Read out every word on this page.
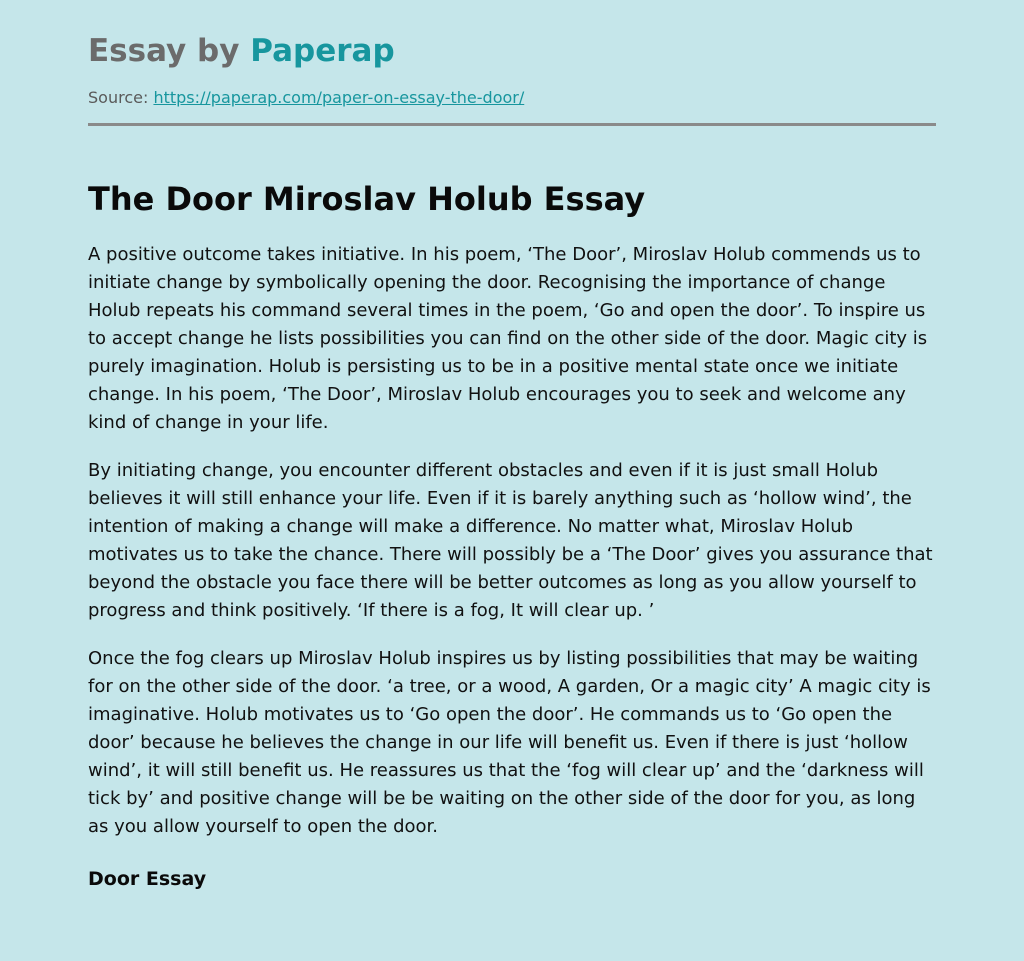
Essay by Paperap
Source: https://paperap.com/paper-on-essay-the-door/
The Door Miroslav Holub Essay

A positive outcome takes initiative. In his poem, ‘The Door’, Miroslav Holub commends us to initiate change by symbolically opening the door. Recognising the importance of change Holub repeats his command several times in the poem, ‘Go and open the door’. To inspire us to accept change he lists possibilities you can find on the other side of the door. Magic city is purely imagination. Holub is persisting us to be in a positive mental state once we initiate change. In his poem, ‘The Door’, Miroslav Holub encourages you to seek and welcome any kind of change in your life.

By initiating change, you encounter different obstacles and even if it is just small Holub believes it will still enhance your life. Even if it is barely anything such as ‘hollow wind’, the intention of making a change will make a difference. No matter what, Miroslav Holub motivates us to take the chance. There will possibly be a ‘The Door’ gives you assurance that beyond the obstacle you face there will be better outcomes as long as you allow yourself to progress and think positively. ‘If there is a fog, It will clear up. ’

Once the fog clears up Miroslav Holub inspires us by listing possibilities that may be waiting for on the other side of the door. ‘a tree, or a wood, A garden, Or a magic city’ A magic city is imaginative. Holub motivates us to ‘Go open the door’. He commands us to ‘Go open the door’ because he believes the change in our life will benefit us. Even if there is just ‘hollow wind’, it will still benefit us. He reassures us that the ‘fog will clear up’ and the ‘darkness will tick by’ and positive change will be be waiting on the other side of the door for you, as long as you allow yourself to open the door.

Door Essay
